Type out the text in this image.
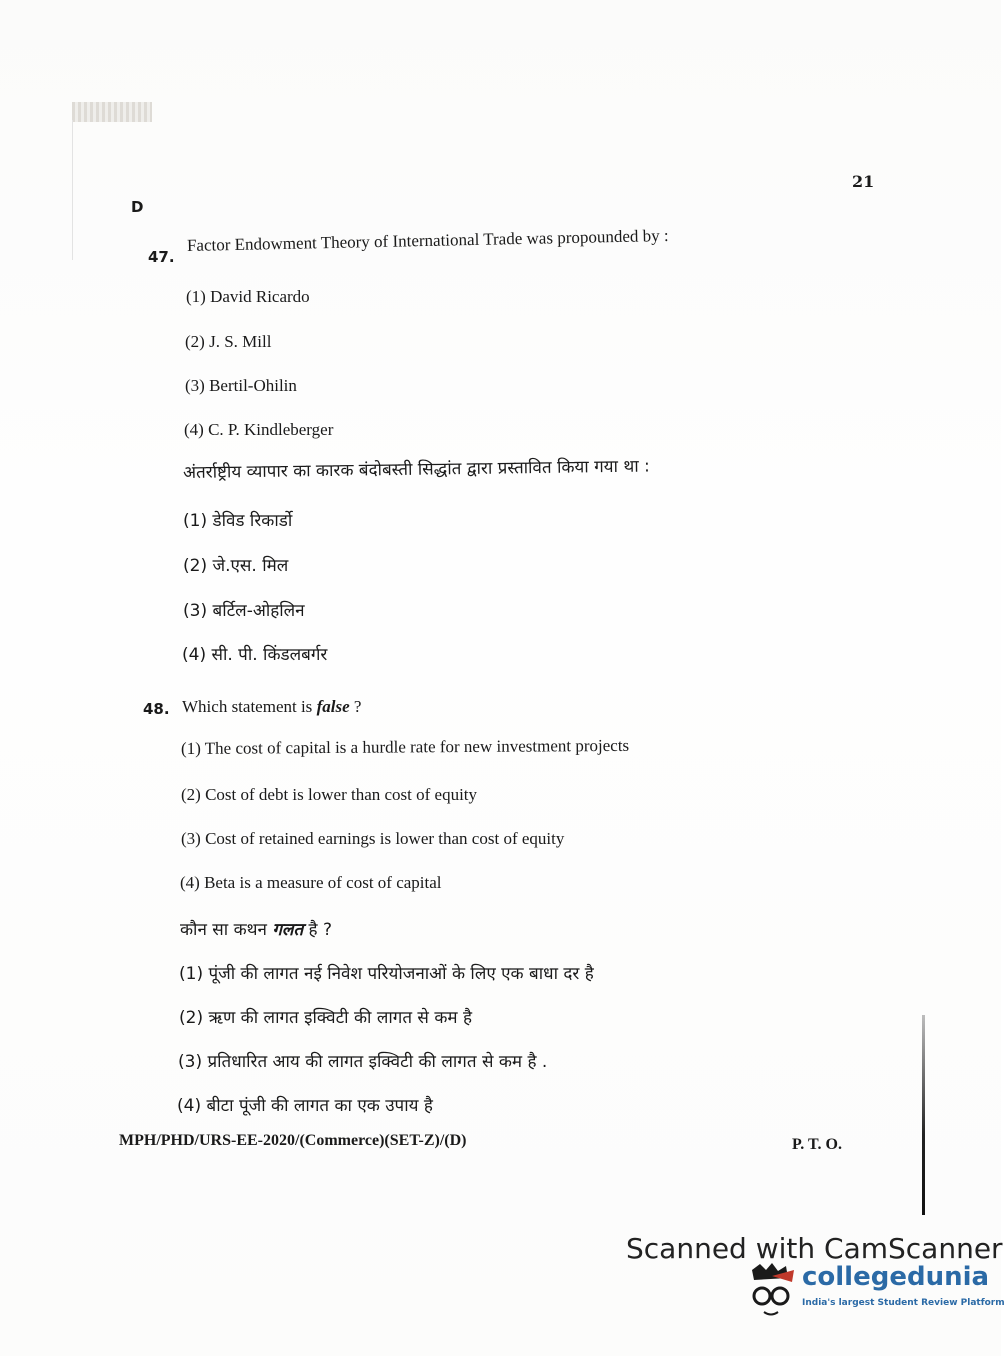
21
D
47.
Factor Endowment Theory of International Trade was propounded by :
(1) David Ricardo
(2) J. S. Mill
(3) Bertil-Ohilin
(4) C. P. Kindleberger
अंतर्राष्ट्रीय व्यापार का कारक बंदोबस्ती सिद्धांत द्वारा प्रस्तावित किया गया था :
(1) डेविड रिकार्डो
(2) जे.एस. मिल
(3) बर्टिल-ओहलिन
(4) सी. पी. किंडलबर्गर
48. Which statement is false ?
(1) The cost of capital is a hurdle rate for new investment projects
(2) Cost of debt is lower than cost of equity
(3) Cost of retained earnings is lower than cost of equity
(4) Beta is a measure of cost of capital
कौन सा कथन गलत है ?
(1) पूंजी की लागत नई निवेश परियोजनाओं के लिए एक बाधा दर है
(2) ऋण की लागत इक्विटी की लागत से कम है
(3) प्रतिधारित आय की लागत इक्विटी की लागत से कम है .
(4) बीटा पूंजी की लागत का एक उपाय है
MPH/PHD/URS-EE-2020/(Commerce)(SET-Z)/(D)	P. T. O.
Scanned with CamScanner
collegedunia
India's largest Student Review Platform
